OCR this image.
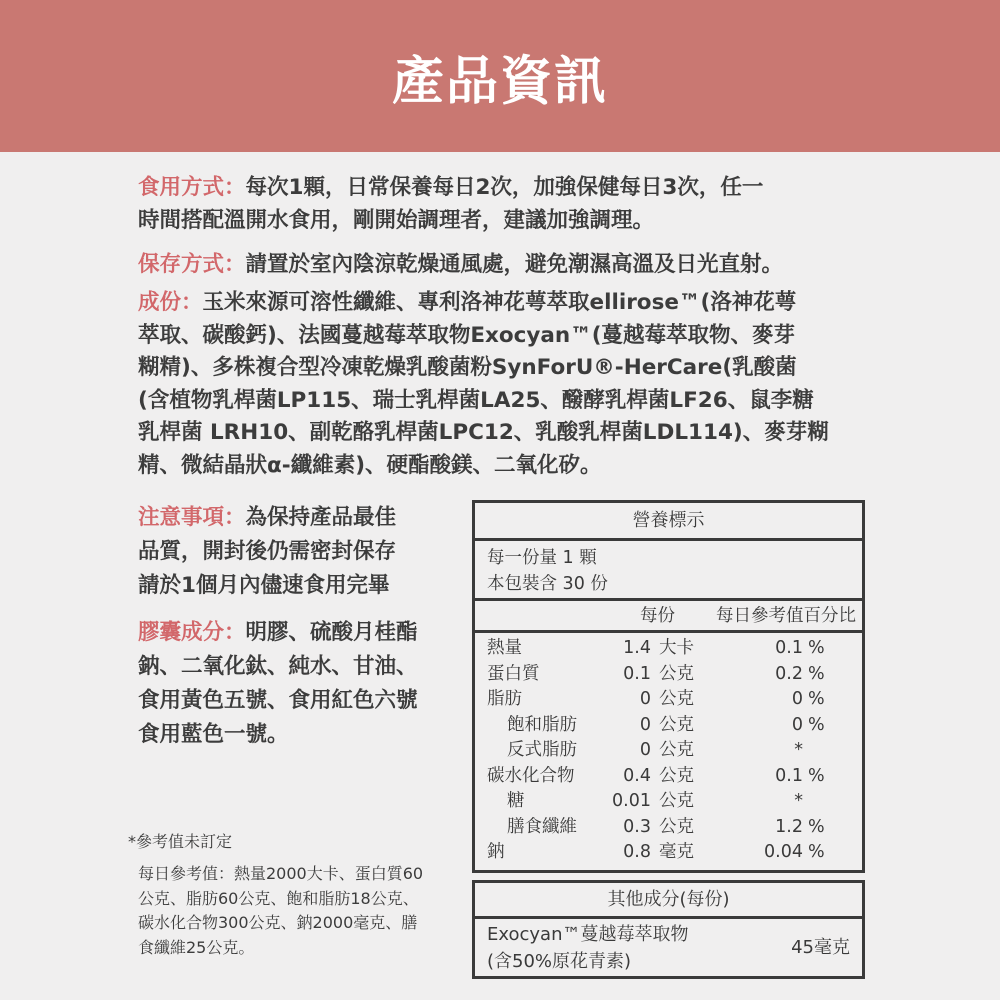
產品資訊
食用方式：每次1顆，日常保養每日2次，加強保健每日3次，任一
時間搭配溫開水食用，剛開始調理者，建議加強調理。
保存方式：請置於室內陰涼乾燥通風處，避免潮濕高溫及日光直射。
成份：玉米來源可溶性纖維、專利洛神花萼萃取ellirose™(洛神花萼
萃取、碳酸鈣)、法國蔓越莓萃取物Exocyan™(蔓越莓萃取物、麥芽
糊精)、多株複合型冷凍乾燥乳酸菌粉SynForU®-HerCare(乳酸菌
(含植物乳桿菌LP115、瑞士乳桿菌LA25、醱酵乳桿菌LF26、鼠李糖
乳桿菌 LRH10、副乾酪乳桿菌LPC12、乳酸乳桿菌LDL114)、麥芽糊
精、微結晶狀α-纖維素)、硬酯酸鎂、二氧化矽。
注意事項：為保持產品最佳
品質，開封後仍需密封保存
請於1個月內儘速食用完畢
膠囊成分：明膠、硫酸月桂酯
鈉、二氧化鈦、純水、甘油、
食用黃色五號、食用紅色六號
食用藍色一號。
*參考值未訂定
每日參考值：熱量2000大卡、蛋白質60
公克、脂肪60公克、飽和脂肪18公克、
碳水化合物300公克、鈉2000毫克、膳
食纖維25公克。
營養標示
每一份量 1 顆
本包裝含 30 份
每份 每日參考值百分比
熱量	1.4 大卡	0.1 %
蛋白質	0.1 公克	0.2 %
脂肪	0 公克	0 %
飽和脂肪	0 公克	0 %
反式脂肪	0 公克	*
碳水化合物	0.4 公克	0.1 %
糖	0.01 公克	*
膳食纖維	0.3 公克	1.2 %
鈉	0.8 毫克	0.04 %
其他成分(每份)
Exocyan™蔓越莓萃取物
(含50%原花青素)
45毫克
